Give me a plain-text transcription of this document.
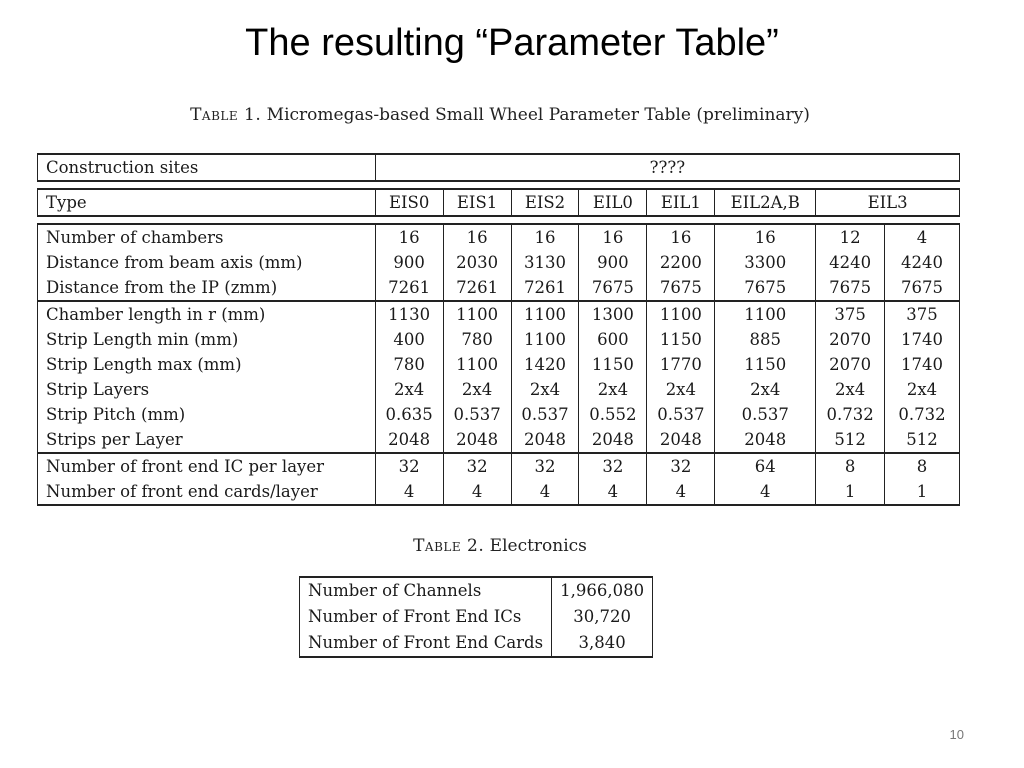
The resulting “Parameter Table”
Table 1. Micromegas-based Small Wheel Parameter Table (preliminary)
Construction sites	????							

Type	EIS0	EIS1	EIS2	EIL0	EIL1	EIL2A,B	EIL3	

Number of chambers	16	16	16	16	16	16	12	4
Distance from beam axis (mm)	900	2030	3130	900	2200	3300	4240	4240
Distance from the IP (zmm)	7261	7261	7261	7675	7675	7675	7675	7675
Chamber length in r (mm)	1130	1100	1100	1300	1100	1100	375	375
Strip Length min (mm)	400	780	1100	600	1150	885	2070	1740
Strip Length max (mm)	780	1100	1420	1150	1770	1150	2070	1740
Strip Layers	2x4	2x4	2x4	2x4	2x4	2x4	2x4	2x4
Strip Pitch (mm)	0.635	0.537	0.537	0.552	0.537	0.537	0.732	0.732
Strips per Layer	2048	2048	2048	2048	2048	2048	512	512
Number of front end IC per layer	32	32	32	32	32	64	8	8
Number of front end cards/layer	4	4	4	4	4	4	1	1
Table 2. Electronics
Number of Channels	1,966,080
Number of Front End ICs	30,720
Number of Front End Cards	3,840
10
